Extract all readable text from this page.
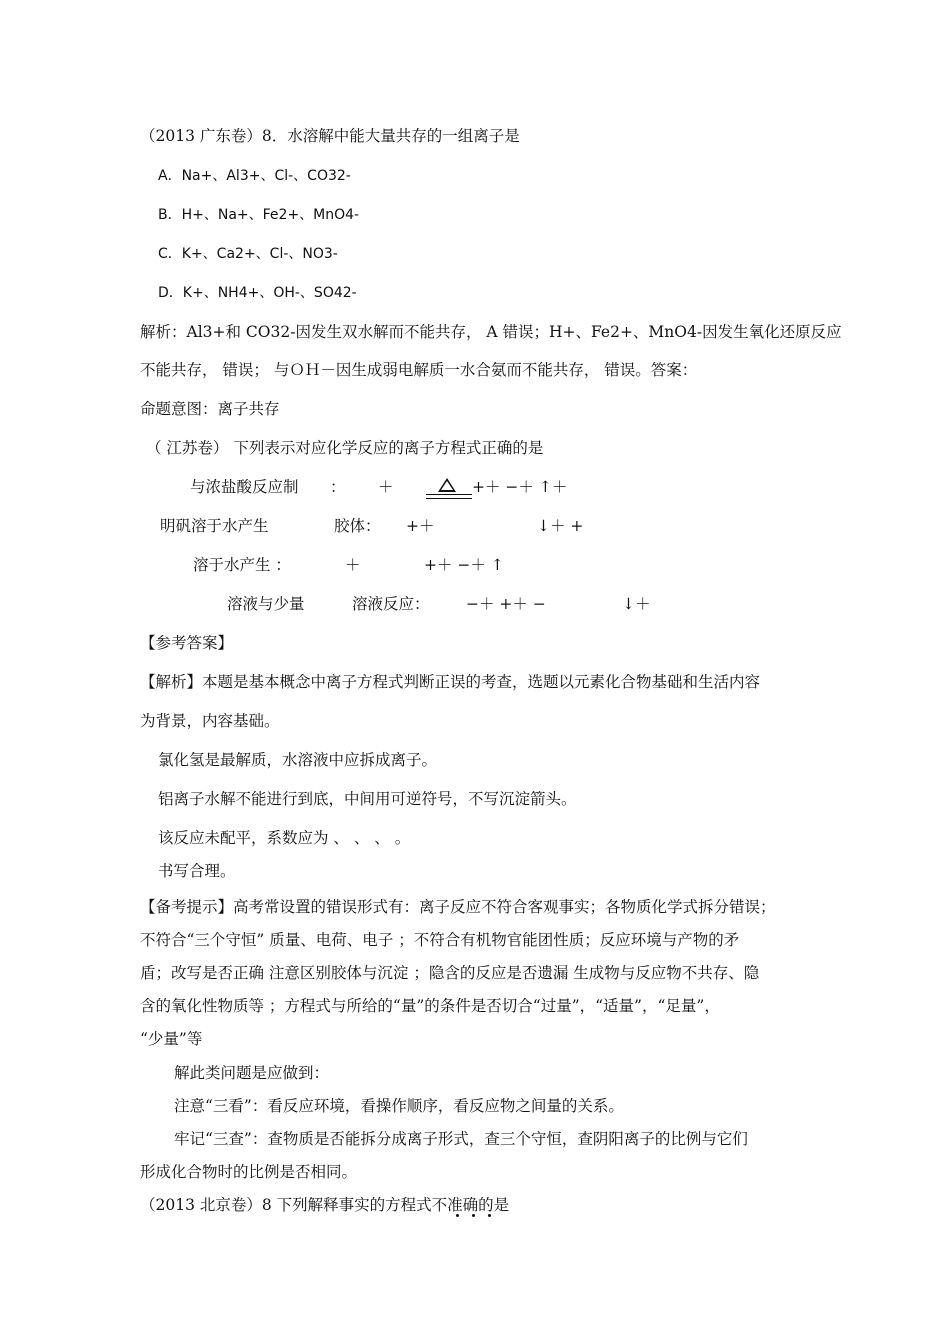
（2013 广东卷）8．水溶解中能大量共存的一组离子是
A．Na+、Al3+、Cl-、CO32-
B．H+、Na+、Fe2+、MnO4-
C．K+、Ca2+、Cl-、NO3-
D．K+、NH4+、OH-、SO42-
解析：Al3+和 CO32-因发生双水解而不能共存， A 错误；H+、Fe2+、MnO4-因发生氧化还原反应
不能共存， 错误； 与ＯＨ－因生成弱电解质一水合氨而不能共存， 错误。答案：
命题意图：离子共存
（ 江苏卷） 下列表示对应化学反应的离子方程式正确的是
与浓盐酸反应制 ： ＋	+＋ −＋ ↑＋
明矾溶于水产生	胶体： +＋	↓＋ +
溶于水产生 ：	＋	+＋ −＋ ↑
溶液与少量	溶液反应： −＋ +＋ −	↓＋
【参考答案】
【解析】本题是基本概念中离子方程式判断正误的考查，选题以元素化合物基础和生活内容
为背景，内容基础。
氯化氢是最解质，水溶液中应拆成离子。
铝离子水解不能进行到底，中间用可逆符号，不写沉淀箭头。
该反应未配平，系数应为 、 、 、 。
书写合理。
【备考提示】高考常设置的错误形式有：离子反应不符合客观事实；各物质化学式拆分错误；
不符合“三个守恒” 质量、电荷、电子 ；不符合有机物官能团性质；反应环境与产物的矛
盾；改写是否正确 注意区别胶体与沉淀 ；隐含的反应是否遗漏 生成物与反应物不共存、隐
含的氧化性物质等 ；方程式与所给的“量”的条件是否切合“过量”，“适量”，“足量”，
“少量”等
解此类问题是应做到：
注意“三看”：看反应环境，看操作顺序，看反应物之间量的关系。
牢记“三查”：查物质是否能拆分成离子形式，查三个守恒，查阴阳离子的比例与它们
形成化合物时的比例是否相同。
（2013 北京卷）8 下列解释事实的方程式不准确的是
